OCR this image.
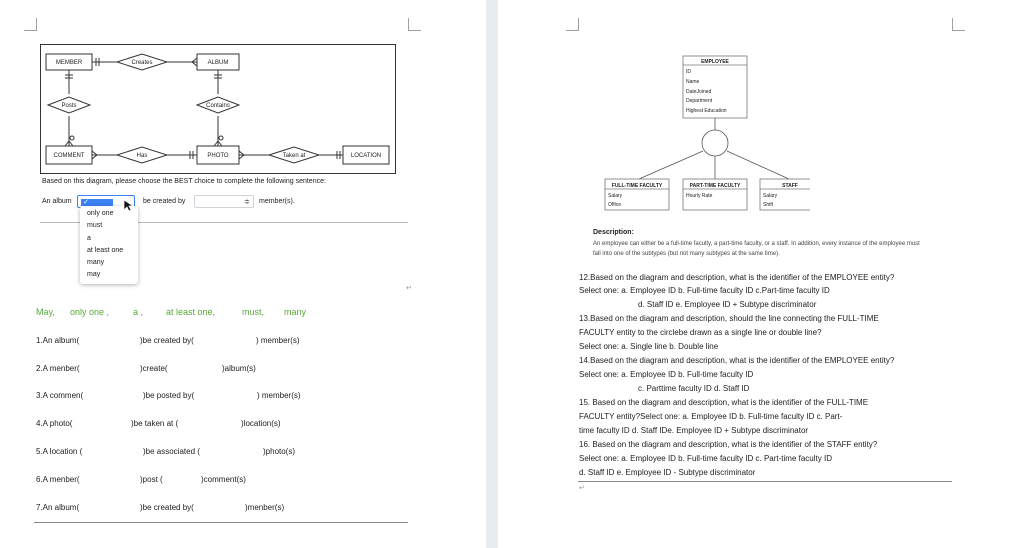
MEMBER	ALBUM
COMMENT	PHOTO	LOCATION
Creates
Posts	Contains
Has	Taken at
Based on this diagram, please choose the BEST choice to complete the following sentence:
An album	✓	be created by	≑	member(s).
only one
must
a
at least one
many
may
↵
May, only one ,	a ,	at least one,	must, many
1.An album(	)be created by(	) member(s)
2.A menber(	)create(	)album(s)
3.A commen(	)be posted by(	) member(s)
4.A photo(	)be taken at (	)location(s)
5.A location (	)be associated (	)photo(s)
6.A menber(	)post (	)comment(s)
7.An album(	)be created by(	)menber(s)
EMPLOYEE
ID
Name
DateJoined
Department
Highest Education
FULL-TIME FACULTY
Salary
Office
PART-TIME FACULTY
Hourly Rate
STAFF
Salary
Shift
Description:
An employee can either be a full-time faculty, a part-time faculty, or a staff. In addition, every instance of the employee must
fall into one of the subtypes (but not many subtypes at the same time).
12.Based on the diagram and description, what is the identifier of the EMPLOYEE entity?
Select one: a. Employee ID b. Full-time faculty ID c.Part-time faculty ID
d. Staff ID e. Employee ID + Subtype discriminator
13.Based on the diagram and description, should the line connecting the FULL-TIME
FACULTY entity to the circlebe drawn as a single line or double line?
Select one: a. Single line b. Double line
14.Based on the diagram and description, what is the identifier of the EMPLOYEE entity?
Select one: a. Employee ID b. Full-time faculty ID
c. Parttime faculty ID d. Staff ID
15. Based on the diagram and description, what is the identifier of the FULL-TIME
FACULTY entity?Select one: a. Employee ID b. Full-time faculty ID c. Part-
time faculty ID d. Staff IDe. Employee ID + Subtype discriminator
16. Based on the diagram and description, what is the identifier of the STAFF entity?
Select one: a. Employee ID b. Full-time faculty ID c. Part-time faculty ID
d. Staff ID e. Employee ID - Subtype discriminator
↵
